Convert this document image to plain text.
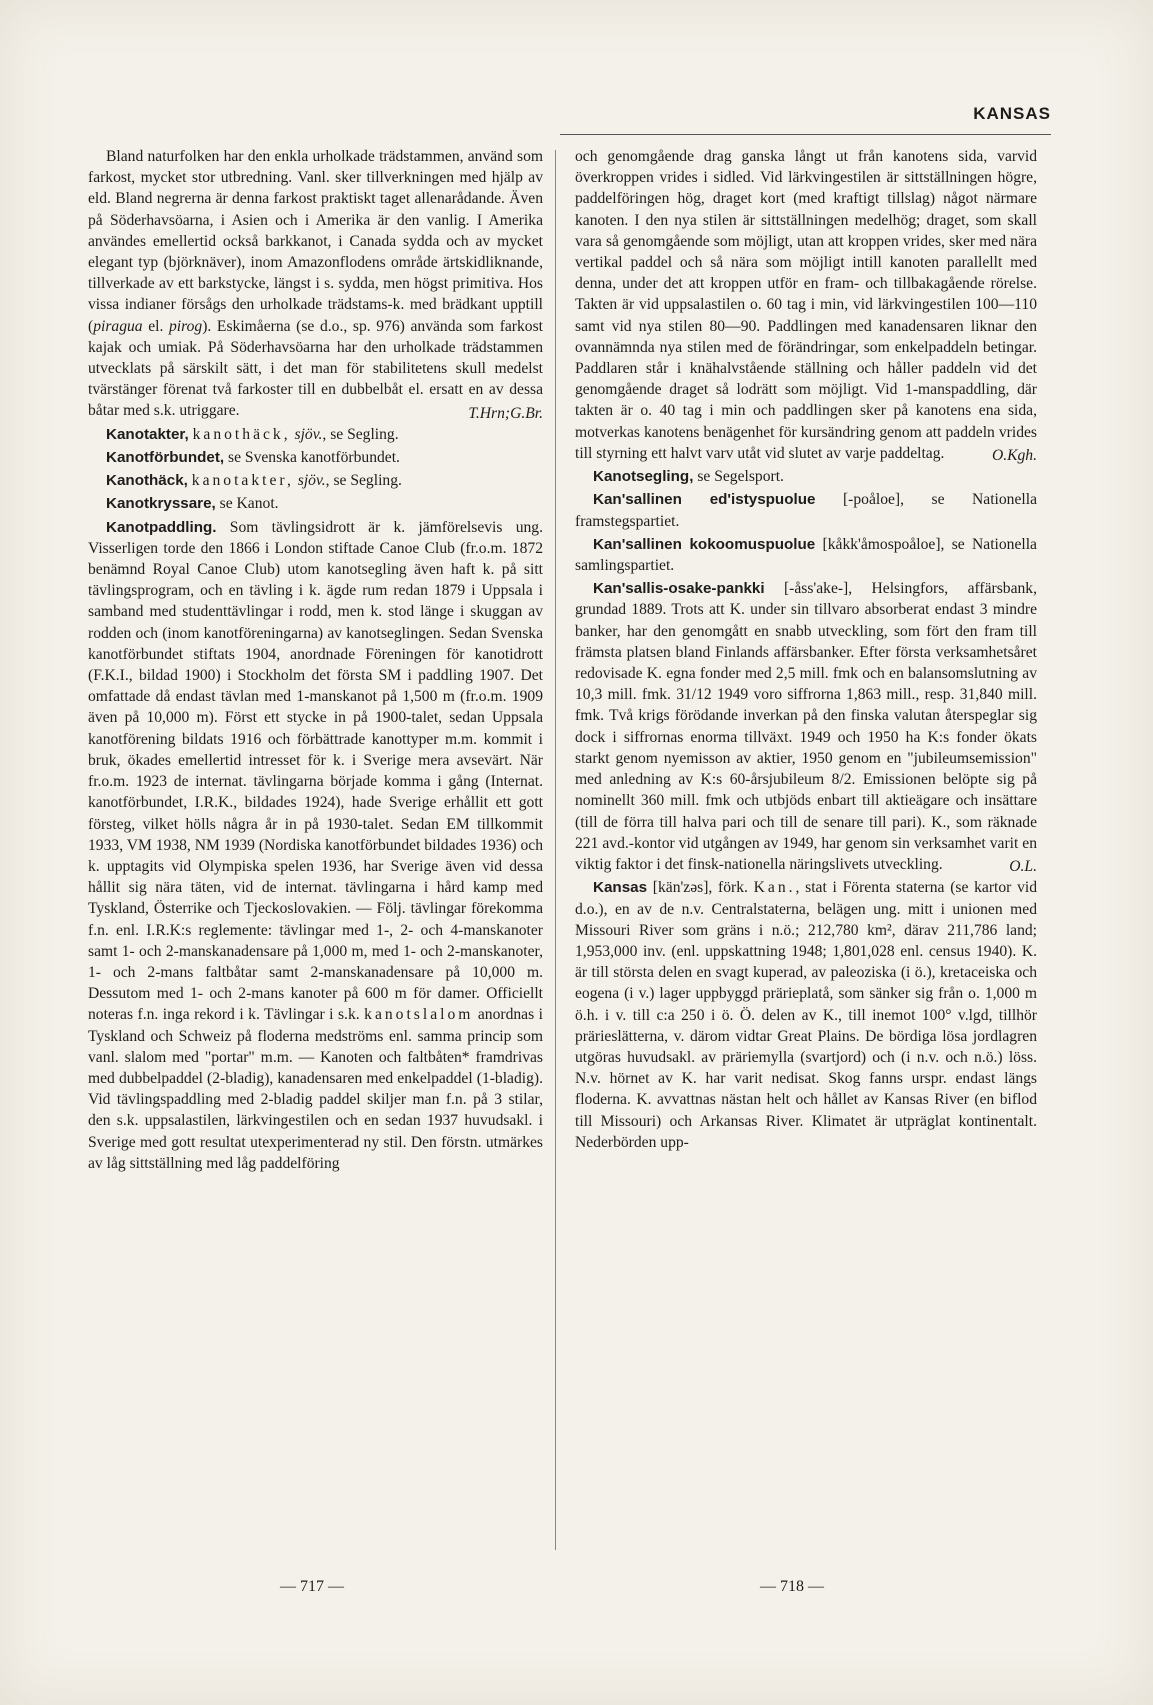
KANSAS

Bland naturfolken har den enkla urholkade trädstammen, använd som farkost, mycket stor utbredning. Vanl. sker tillverkningen med hjälp av eld. Bland negrerna är denna farkost praktiskt taget allenarådande. Även på Söderhavsöarna, i Asien och i Amerika är den vanlig. I Amerika användes emellertid också barkkanot, i Canada sydda och av mycket elegant typ (björknäver), inom Amazonflodens område ärtskidliknande, tillverkade av ett barkstycke, längst i s. sydda, men högst primitiva. Hos vissa indianer försågs den urholkade trädstams-k. med brädkant upptill (piragua el. pirog). Eskimåerna (se d.o., sp. 976) använda som farkost kajak och umiak. På Söderhavsöarna har den urholkade trädstammen utvecklats på särskilt sätt, i det man för stabilitetens skull medelst tvärstänger förenat två farkoster till en dubbelbåt el. ersatt en av dessa båtar med s.k. utriggare.	T.Hrn;G.Br.

Kanotakter, kanothäck, sjöv., se Segling.

Kanotförbundet, se Svenska kanotförbundet.

Kanothäck, kanotakter, sjöv., se Segling.

Kanotkryssare, se Kanot.

Kanotpaddling. Som tävlingsidrott är k. jämförelsevis ung. Visserligen torde den 1866 i London stiftade Canoe Club (fr.o.m. 1872 benämnd Royal Canoe Club) utom kanotsegling även haft k. på sitt tävlingsprogram, och en tävling i k. ägde rum redan 1879 i Uppsala i samband med studenttävlingar i rodd, men k. stod länge i skuggan av rodden och (inom kanotföreningarna) av kanotseglingen. Sedan Svenska kanotförbundet stiftats 1904, anordnade Föreningen för kanotidrott (F.K.I., bildad 1900) i Stockholm det första SM i paddling 1907. Det omfattade då endast tävlan med 1-manskanot på 1,500 m (fr.o.m. 1909 även på 10,000 m). Först ett stycke in på 1900-talet, sedan Uppsala kanotförening bildats 1916 och förbättrade kanottyper m.m. kommit i bruk, ökades emellertid intresset för k. i Sverige mera avsevärt. När fr.o.m. 1923 de internat. tävlingarna började komma i gång (Internat. kanotförbundet, I.R.K., bildades 1924), hade Sverige erhållit ett gott försteg, vilket hölls några år in på 1930-talet. Sedan EM tillkommit 1933, VM 1938, NM 1939 (Nordiska kanotförbundet bildades 1936) och k. upptagits vid Olympiska spelen 1936, har Sverige även vid dessa hållit sig nära täten, vid de internat. tävlingarna i hård kamp med Tyskland, Österrike och Tjeckoslovakien. — Följ. tävlingar förekomma f.n. enl. I.R.K:s reglemente: tävlingar med 1-, 2- och 4-manskanoter samt 1- och 2-manskanadensare på 1,000 m, med 1- och 2-manskanoter, 1- och 2-mans faltbåtar samt 2-manskanadensare på 10,000 m. Dessutom med 1- och 2-mans kanoter på 600 m för damer. Officiellt noteras f.n. inga rekord i k. Tävlingar i s.k. kanotslalom anordnas i Tyskland och Schweiz på floderna medströms enl. samma princip som vanl. slalom med "portar" m.m. — Kanoten och faltbåten* framdrivas med dubbelpaddel (2-bladig), kanadensaren med enkelpaddel (1-bladig). Vid tävlingspaddling med 2-bladig paddel skiljer man f.n. på 3 stilar, den s.k. uppsalastilen, lärkvingestilen och en sedan 1937 huvudsakl. i Sverige med gott resultat utexperimenterad ny stil. Den förstn. utmärkes av låg sittställning med låg paddelföring

och genomgående drag ganska långt ut från kanotens sida, varvid överkroppen vrides i sidled. Vid lärkvingestilen är sittställningen högre, paddelföringen hög, draget kort (med kraftigt tillslag) något närmare kanoten. I den nya stilen är sittställningen medelhög; draget, som skall vara så genomgående som möjligt, utan att kroppen vrides, sker med nära vertikal paddel och så nära som möjligt intill kanoten parallellt med denna, under det att kroppen utför en fram- och tillbakagående rörelse. Takten är vid uppsalastilen o. 60 tag i min, vid lärkvingestilen 100—110 samt vid nya stilen 80—90. Paddlingen med kanadensaren liknar den ovannämnda nya stilen med de förändringar, som enkelpaddeln betingar. Paddlaren står i knähalvstående ställning och håller paddeln vid det genomgående draget så lodrätt som möjligt. Vid 1-manspaddling, där takten är o. 40 tag i min och paddlingen sker på kanotens ena sida, motverkas kanotens benägenhet för kursändring genom att paddeln vrides till styrning ett halvt varv utåt vid slutet av varje paddeltag.	O.Kgh.

Kanotsegling, se Segelsport.

Kan'sallinen ed'istyspuolue [-poåloe], se Nationella framstegspartiet.

Kan'sallinen kokoomuspuolue [kåkk'åmospoåloe], se Nationella samlingspartiet.

Kan'sallis-osake-pankki [-åss'ake-], Helsingfors, affärsbank, grundad 1889. Trots att K. under sin tillvaro absorberat endast 3 mindre banker, har den genomgått en snabb utveckling, som fört den fram till främsta platsen bland Finlands affärsbanker. Efter första verksamhetsåret redovisade K. egna fonder med 2,5 mill. fmk och en balansomslutning av 10,3 mill. fmk. 31/12 1949 voro siffrorna 1,863 mill., resp. 31,840 mill. fmk. Två krigs förödande inverkan på den finska valutan återspeglar sig dock i siffrornas enorma tillväxt. 1949 och 1950 ha K:s fonder ökats starkt genom nyemisson av aktier, 1950 genom en "jubileumsemission" med anledning av K:s 60-årsjubileum 8/2. Emissionen belöpte sig på nominellt 360 mill. fmk och utbjöds enbart till aktieägare och insättare (till de förra till halva pari och till de senare till pari). K., som räknade 221 avd.-kontor vid utgången av 1949, har genom sin verksamhet varit en viktig faktor i det finsk-nationella näringslivets utveckling.	O.L.

Kansas [kän'zəs], förk. Kan., stat i Förenta staterna (se kartor vid d.o.), en av de n.v. Centralstaterna, belägen ung. mitt i unionen med Missouri River som gräns i n.ö.; 212,780 km², därav 211,786 land; 1,953,000 inv. (enl. uppskattning 1948; 1,801,028 enl. census 1940). K. är till största delen en svagt kuperad, av paleoziska (i ö.), kretaceiska och eogena (i v.) lager uppbyggd prärieplatå, som sänker sig från o. 1,000 m ö.h. i v. till c:a 250 i ö. Ö. delen av K., till inemot 100° v.lgd, tillhör prärieslätterna, v. därom vidtar Great Plains. De bördiga lösa jordlagren utgöras huvudsakl. av präriemylla (svartjord) och (i n.v. och n.ö.) löss. N.v. hörnet av K. har varit nedisat. Skog fanns urspr. endast längs floderna. K. avvattnas nästan helt och hållet av Kansas River (en biflod till Missouri) och Arkansas River. Klimatet är utpräglat kontinentalt. Nederbörden upp-

— 717 —	— 718 —
